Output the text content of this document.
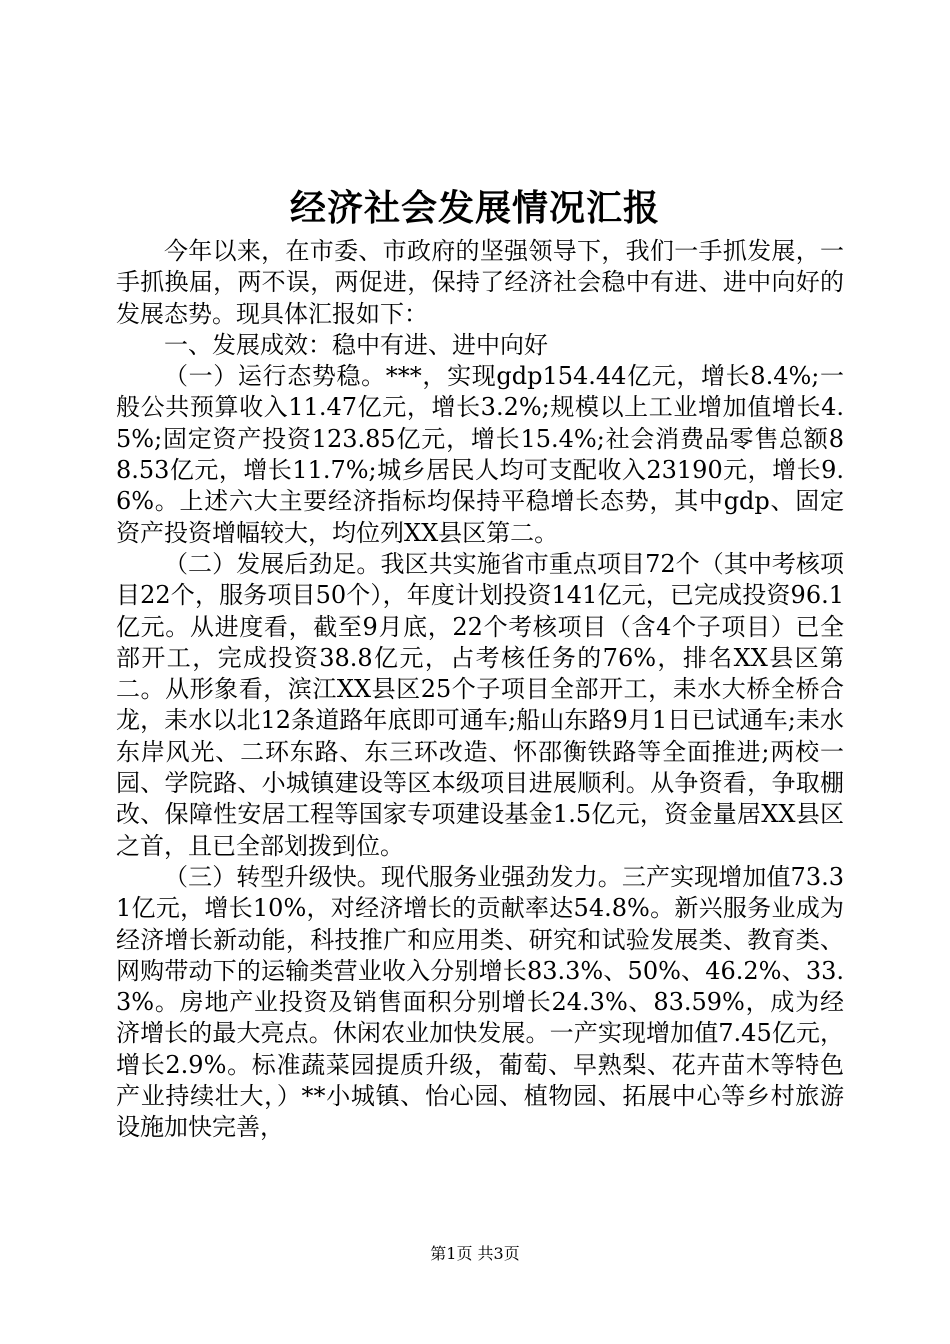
经济社会发展情况汇报

今年以来，在市委、市政府的坚强领导下，我们一手抓发展，一手抓换届，两不误，两促进，保持了经济社会稳中有进、进中向好的发展态势。现具体汇报如下：

一、发展成效：稳中有进、进中向好

（一）运行态势稳。***，实现gdp154.44亿元，增长8.4%;一般公共预算收入11.47亿元，增长3.2%;规模以上工业增加值增长4.5%;固定资产投资123.85亿元，增长15.4%;社会消费品零售总额88.53亿元，增长11.7%;城乡居民人均可支配收入23190元，增长9.6%。上述六大主要经济指标均保持平稳增长态势，其中gdp、固定资产投资增幅较大，均位列XX县区第二。

（二）发展后劲足。我区共实施省市重点项目72个（其中考核项目22个，服务项目50个），年度计划投资141亿元，已完成投资96.1亿元。从进度看，截至9月底，22个考核项目（含4个子项目）已全部开工，完成投资38.8亿元，占考核任务的76%，排名XX县区第二。从形象看，滨江XX县区25个子项目全部开工，耒水大桥全桥合龙，耒水以北12条道路年底即可通车;船山东路9月1日已试通车;耒水东岸风光、二环东路、东三环改造、怀邵衡铁路等全面推进;两校一园、学院路、小城镇建设等区本级项目进展顺利。从争资看，争取棚改、保障性安居工程等国家专项建设基金1.5亿元，资金量居XX县区之首，且已全部划拨到位。

（三）转型升级快。现代服务业强劲发力。三产实现增加值73.31亿元，增长10%，对经济增长的贡献率达54.8%。新兴服务业成为经济增长新动能，科技推广和应用类、研究和试验发展类、教育类、网购带动下的运输类营业收入分别增长83.3%、50%、46.2%、33.3%。房地产业投资及销售面积分别增长24.3%、83.59%，成为经济增长的最大亮点。休闲农业加快发展。一产实现增加值7.45亿元，增长2.9%。标准蔬菜园提质升级，葡萄、早熟梨、花卉苗木等特色产业持续壮大，）**小城镇、怡心园、植物园、拓展中心等乡村旅游设施加快完善，

第1页 共3页
